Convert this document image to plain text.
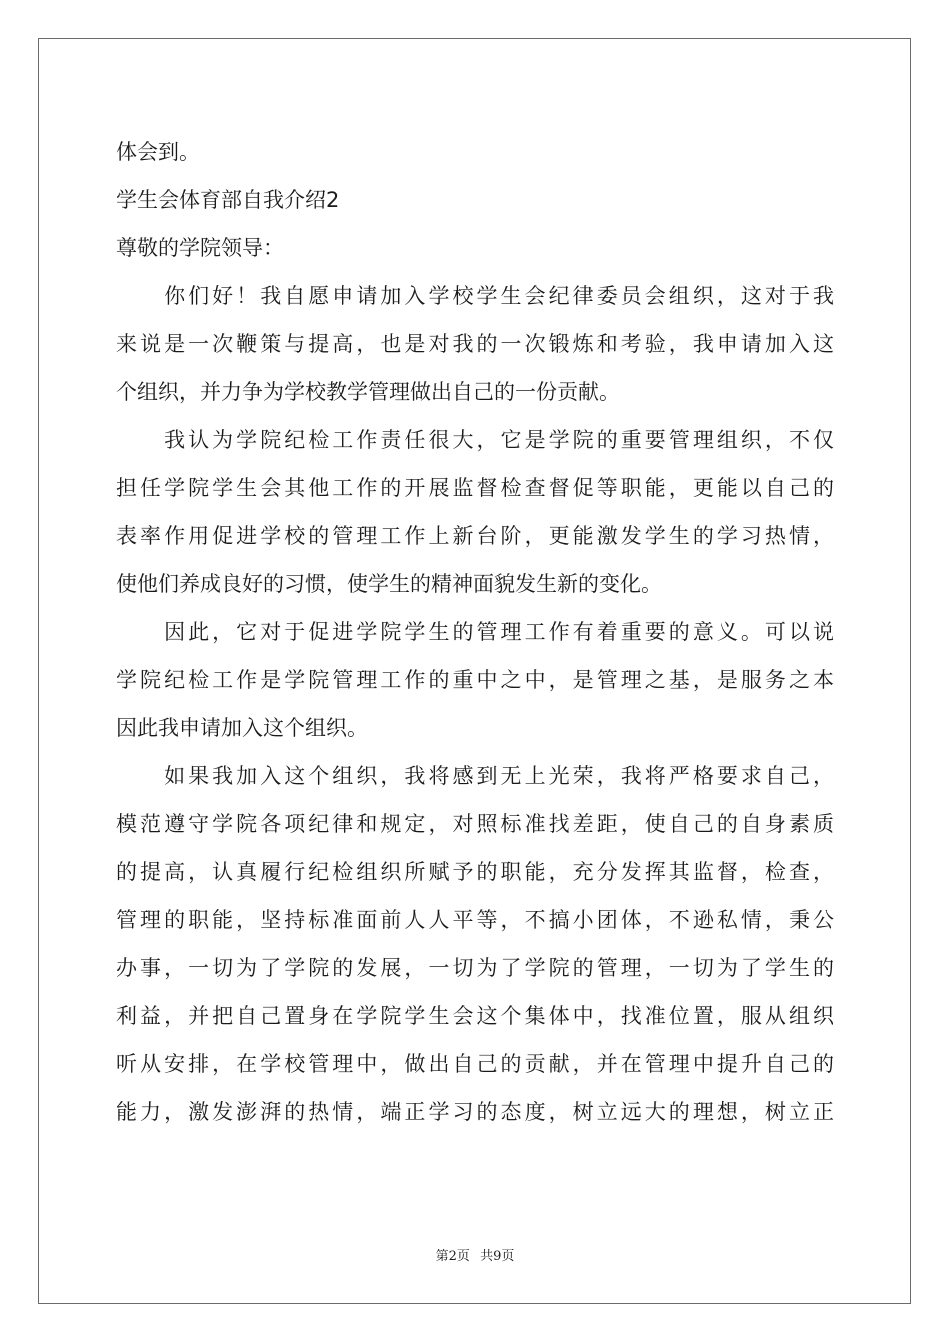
体会到。
学生会体育部自我介绍2
尊敬的学院领导：
　　你们好！我自愿申请加入学校学生会纪律委员会组织，这对于我
来说是一次鞭策与提高，也是对我的一次锻炼和考验，我申请加入这
个组织，并力争为学校教学管理做出自己的一份贡献。
　　我认为学院纪检工作责任很大，它是学院的重要管理组织，不仅
担任学院学生会其他工作的开展监督检查督促等职能，更能以自己的
表率作用促进学校的管理工作上新台阶，更能激发学生的学习热情，
使他们养成良好的习惯，使学生的精神面貌发生新的变化。
　　因此，它对于促进学院学生的管理工作有着重要的意义。可以说
学院纪检工作是学院管理工作的重中之中，是管理之基，是服务之本
因此我申请加入这个组织。
　　如果我加入这个组织，我将感到无上光荣，我将严格要求自己，
模范遵守学院各项纪律和规定，对照标准找差距，使自己的自身素质
的提高，认真履行纪检组织所赋予的职能，充分发挥其监督，检查，
管理的职能，坚持标准面前人人平等，不搞小团体，不逊私情，秉公
办事，一切为了学院的发展，一切为了学院的管理，一切为了学生的
利益，并把自己置身在学院学生会这个集体中，找准位置，服从组织
听从安排，在学校管理中，做出自己的贡献，并在管理中提升自己的
能力，激发澎湃的热情，端正学习的态度，树立远大的理想，树立正
第2页 共9页
